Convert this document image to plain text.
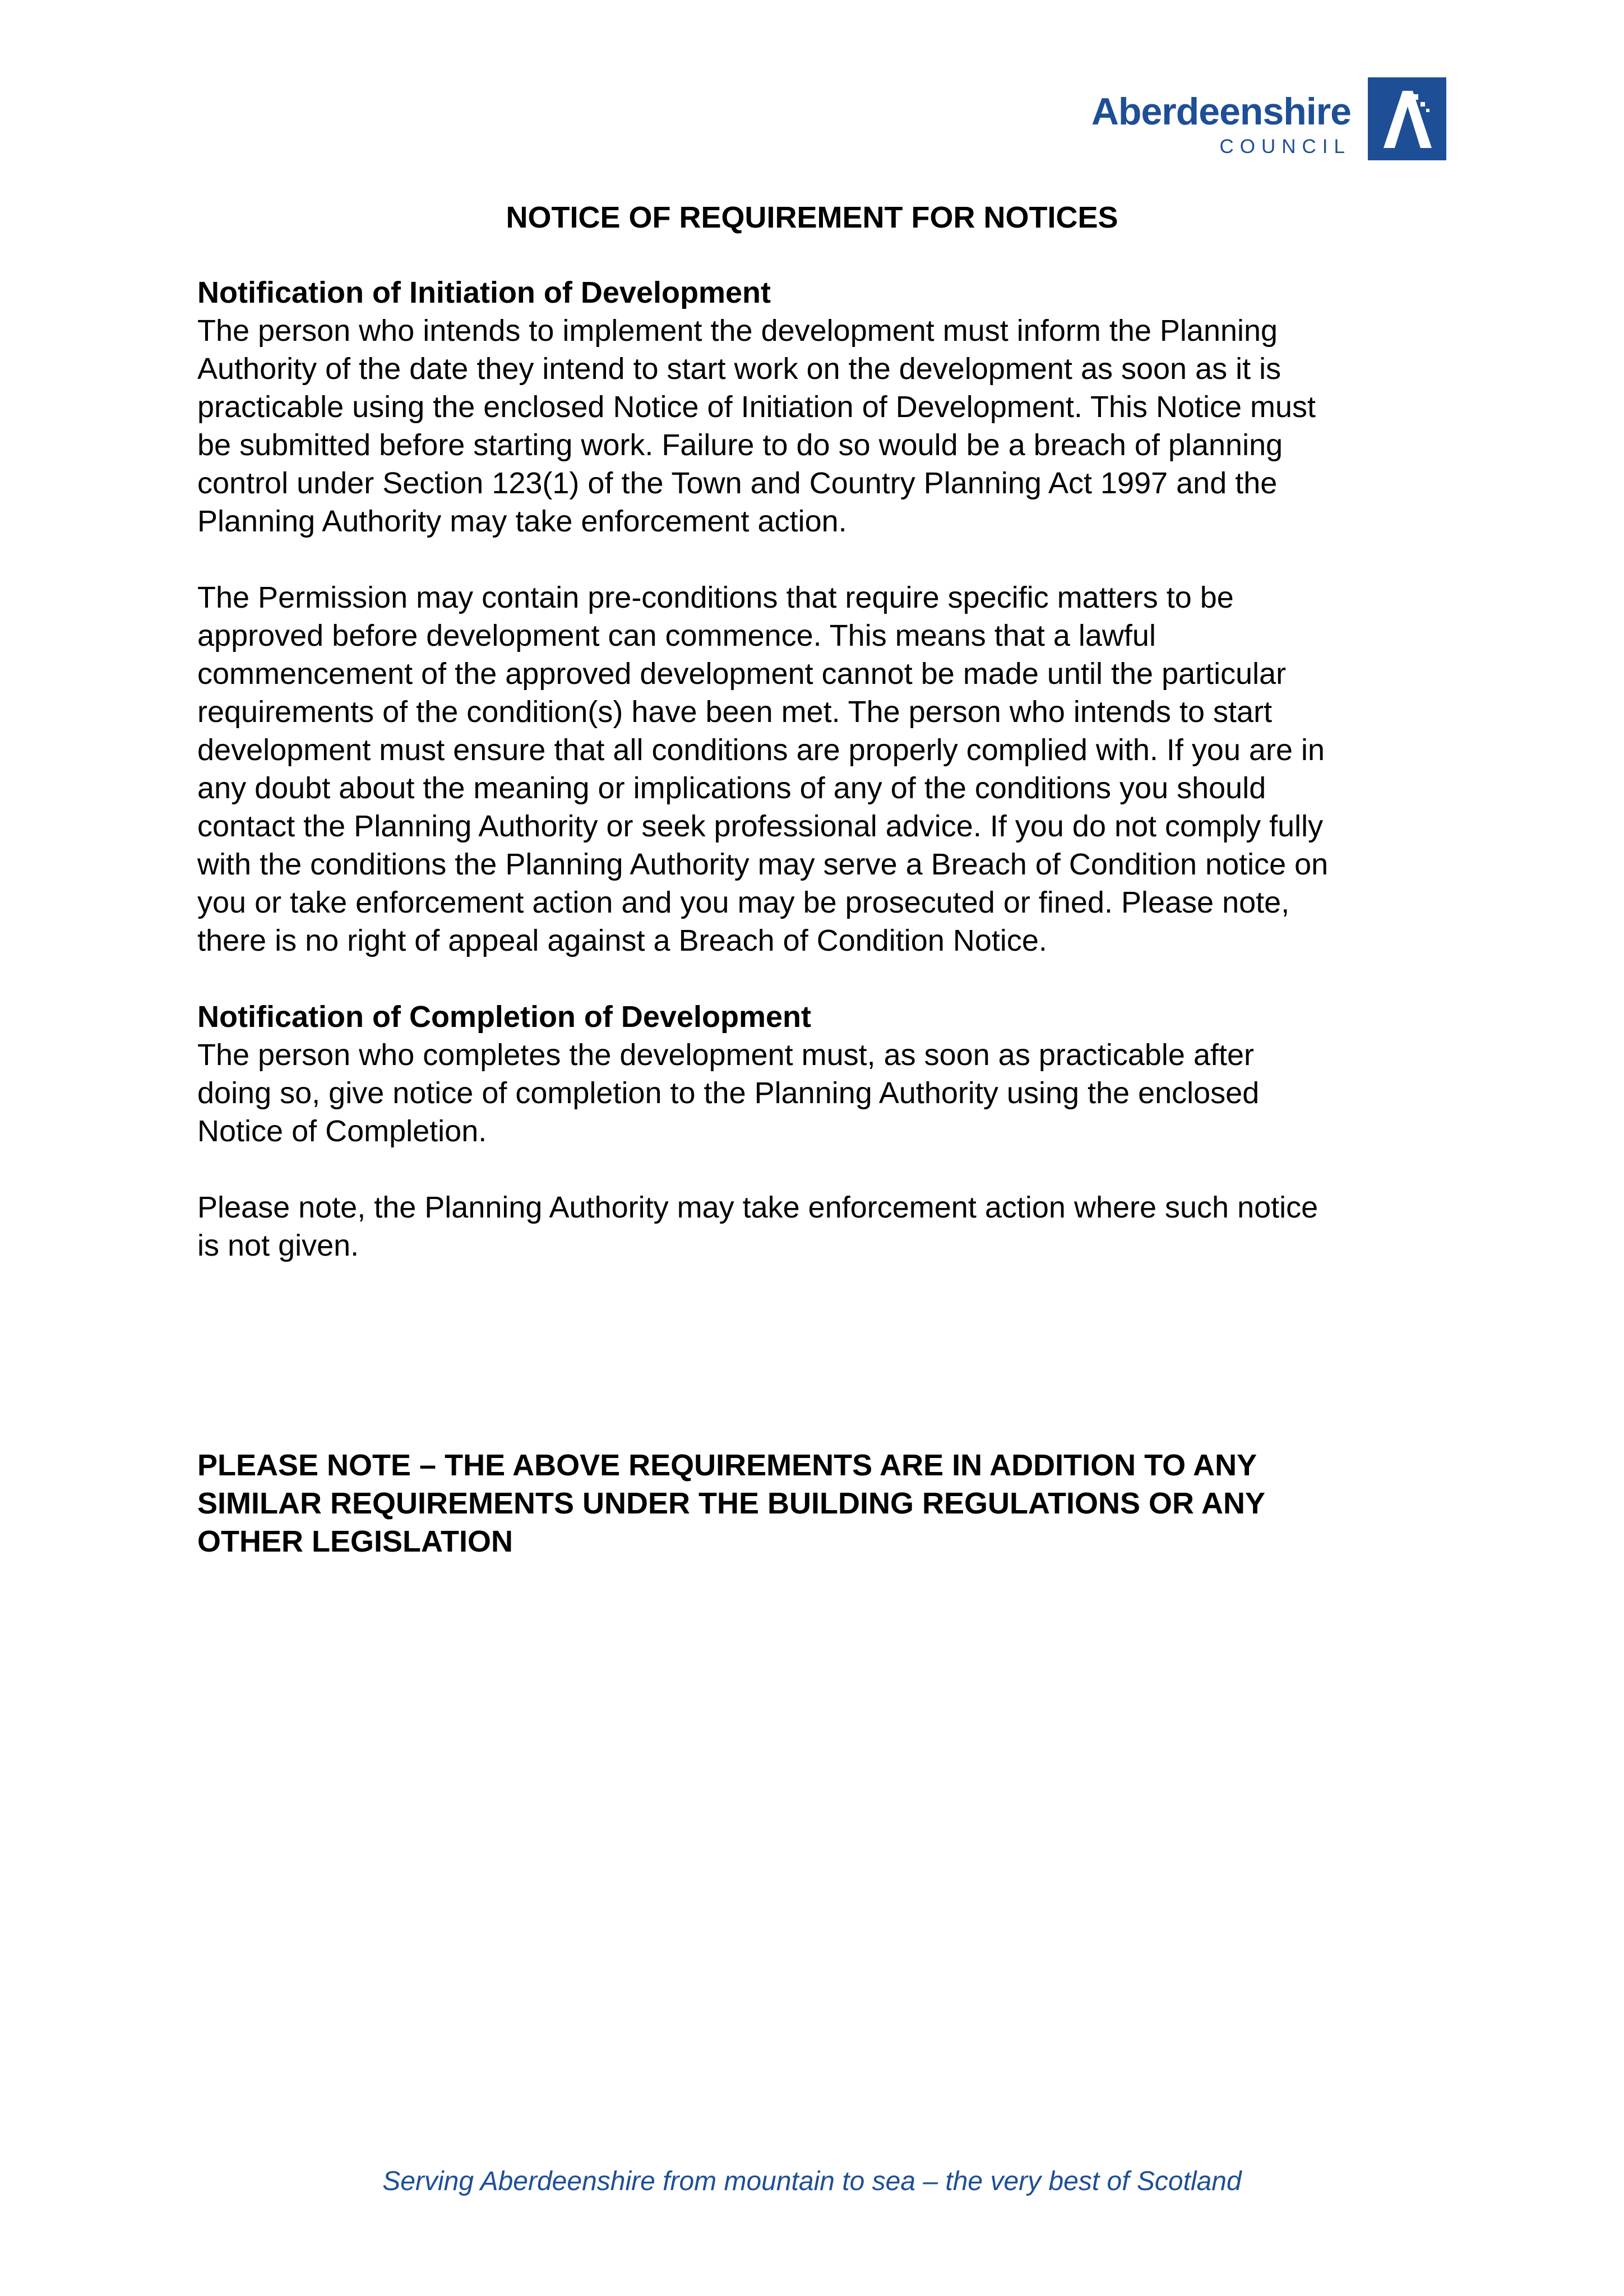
Aberdeenshire
COUNCIL
NOTICE OF REQUIREMENT FOR NOTICES

Notification of Initiation of Development

The person who intends to implement the development must inform the Planning
Authority of the date they intend to start work on the development as soon as it is
practicable using the enclosed Notice of Initiation of Development. This Notice must
be submitted before starting work. Failure to do so would be a breach of planning
control under Section 123(1) of the Town and Country Planning Act 1997 and the
Planning Authority may take enforcement action.

The Permission may contain pre-conditions that require specific matters to be
approved before development can commence. This means that a lawful
commencement of the approved development cannot be made until the particular
requirements of the condition(s) have been met. The person who intends to start
development must ensure that all conditions are properly complied with. If you are in
any doubt about the meaning or implications of any of the conditions you should
contact the Planning Authority or seek professional advice. If you do not comply fully
with the conditions the Planning Authority may serve a Breach of Condition notice on
you or take enforcement action and you may be prosecuted or fined. Please note,
there is no right of appeal against a Breach of Condition Notice.

Notification of Completion of Development

The person who completes the development must, as soon as practicable after
doing so, give notice of completion to the Planning Authority using the enclosed
Notice of Completion.

Please note, the Planning Authority may take enforcement action where such notice
is not given.

PLEASE NOTE – THE ABOVE REQUIREMENTS ARE IN ADDITION TO ANY
SIMILAR REQUIREMENTS UNDER THE BUILDING REGULATIONS OR ANY
OTHER LEGISLATION
Serving Aberdeenshire from mountain to sea – the very best of Scotland
